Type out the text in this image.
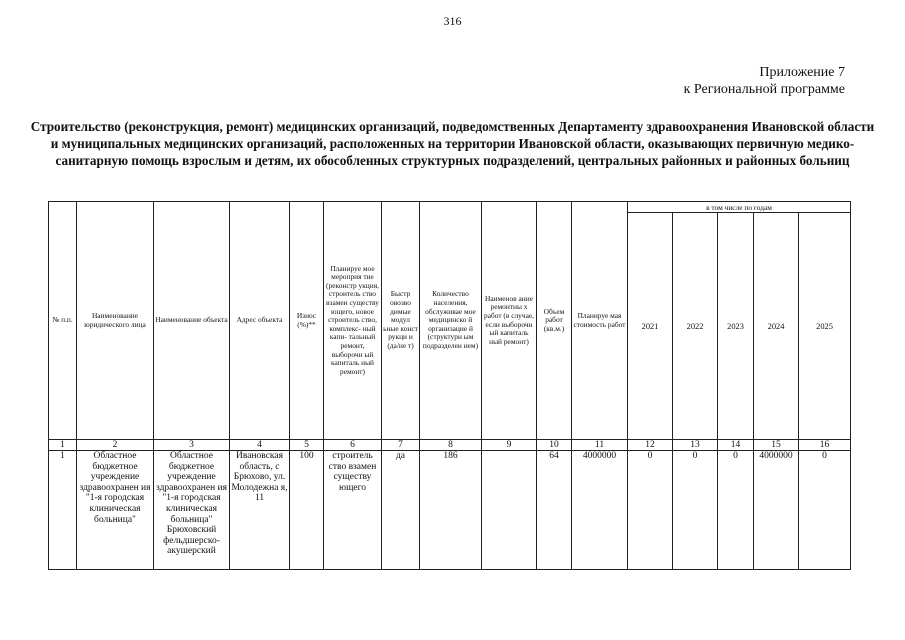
316
Приложение 7
к Региональной программе
Строительство (реконструкция, ремонт) медицинских организаций, подведомственных Департаменту здравоохранения Ивановской области и муниципальных медицинских организаций, расположенных на территории Ивановской области, оказывающих первичную медико-санитарную помощь взрослым и детям, их обособленных структурных подразделений, центральных районных и районных больниц
№ п.п.	Наименование юридического лица	Наименование объекта	Адрес объекта	Износ (%)**	Планируе мое мероприя тие (реконстр укция, строитель ство взамен существу ющего, новое строитель ство, комплекс- ный капи- тальный ремонт, выборочн ый капиталь ный ремонт)	Быстр овозво димые модул ьные конст рукци и (да/не т)	Количество населения, обслуживае мое медицинско й организацие й (структурн ым подразделен ием)	Наименов ание ремонтны х работ (в случае, если выборочн ый капиталь ный ремонт)	Объем работ (кв.м.)	Планируе мая стоимость работ	в том числе по годам				
											2021	2022	2023	2024	2025
1	2	3	4	5	6	7	8	9	10	11	12	13	14	15	16
1	Областное бюджетное учреждение здравоохранен ия "1-я городская клиническая больница"	Областное бюджетное учреждение здравоохранен ия "1-я городская клиническая больница" Брюховский фельдшерско-акушерский	Ивановская область, с Брюхово, ул. Молодежна я, 11	100	строитель ство взамен существу ющего	да	186		64	4000000	0	0	0	4000000	0
